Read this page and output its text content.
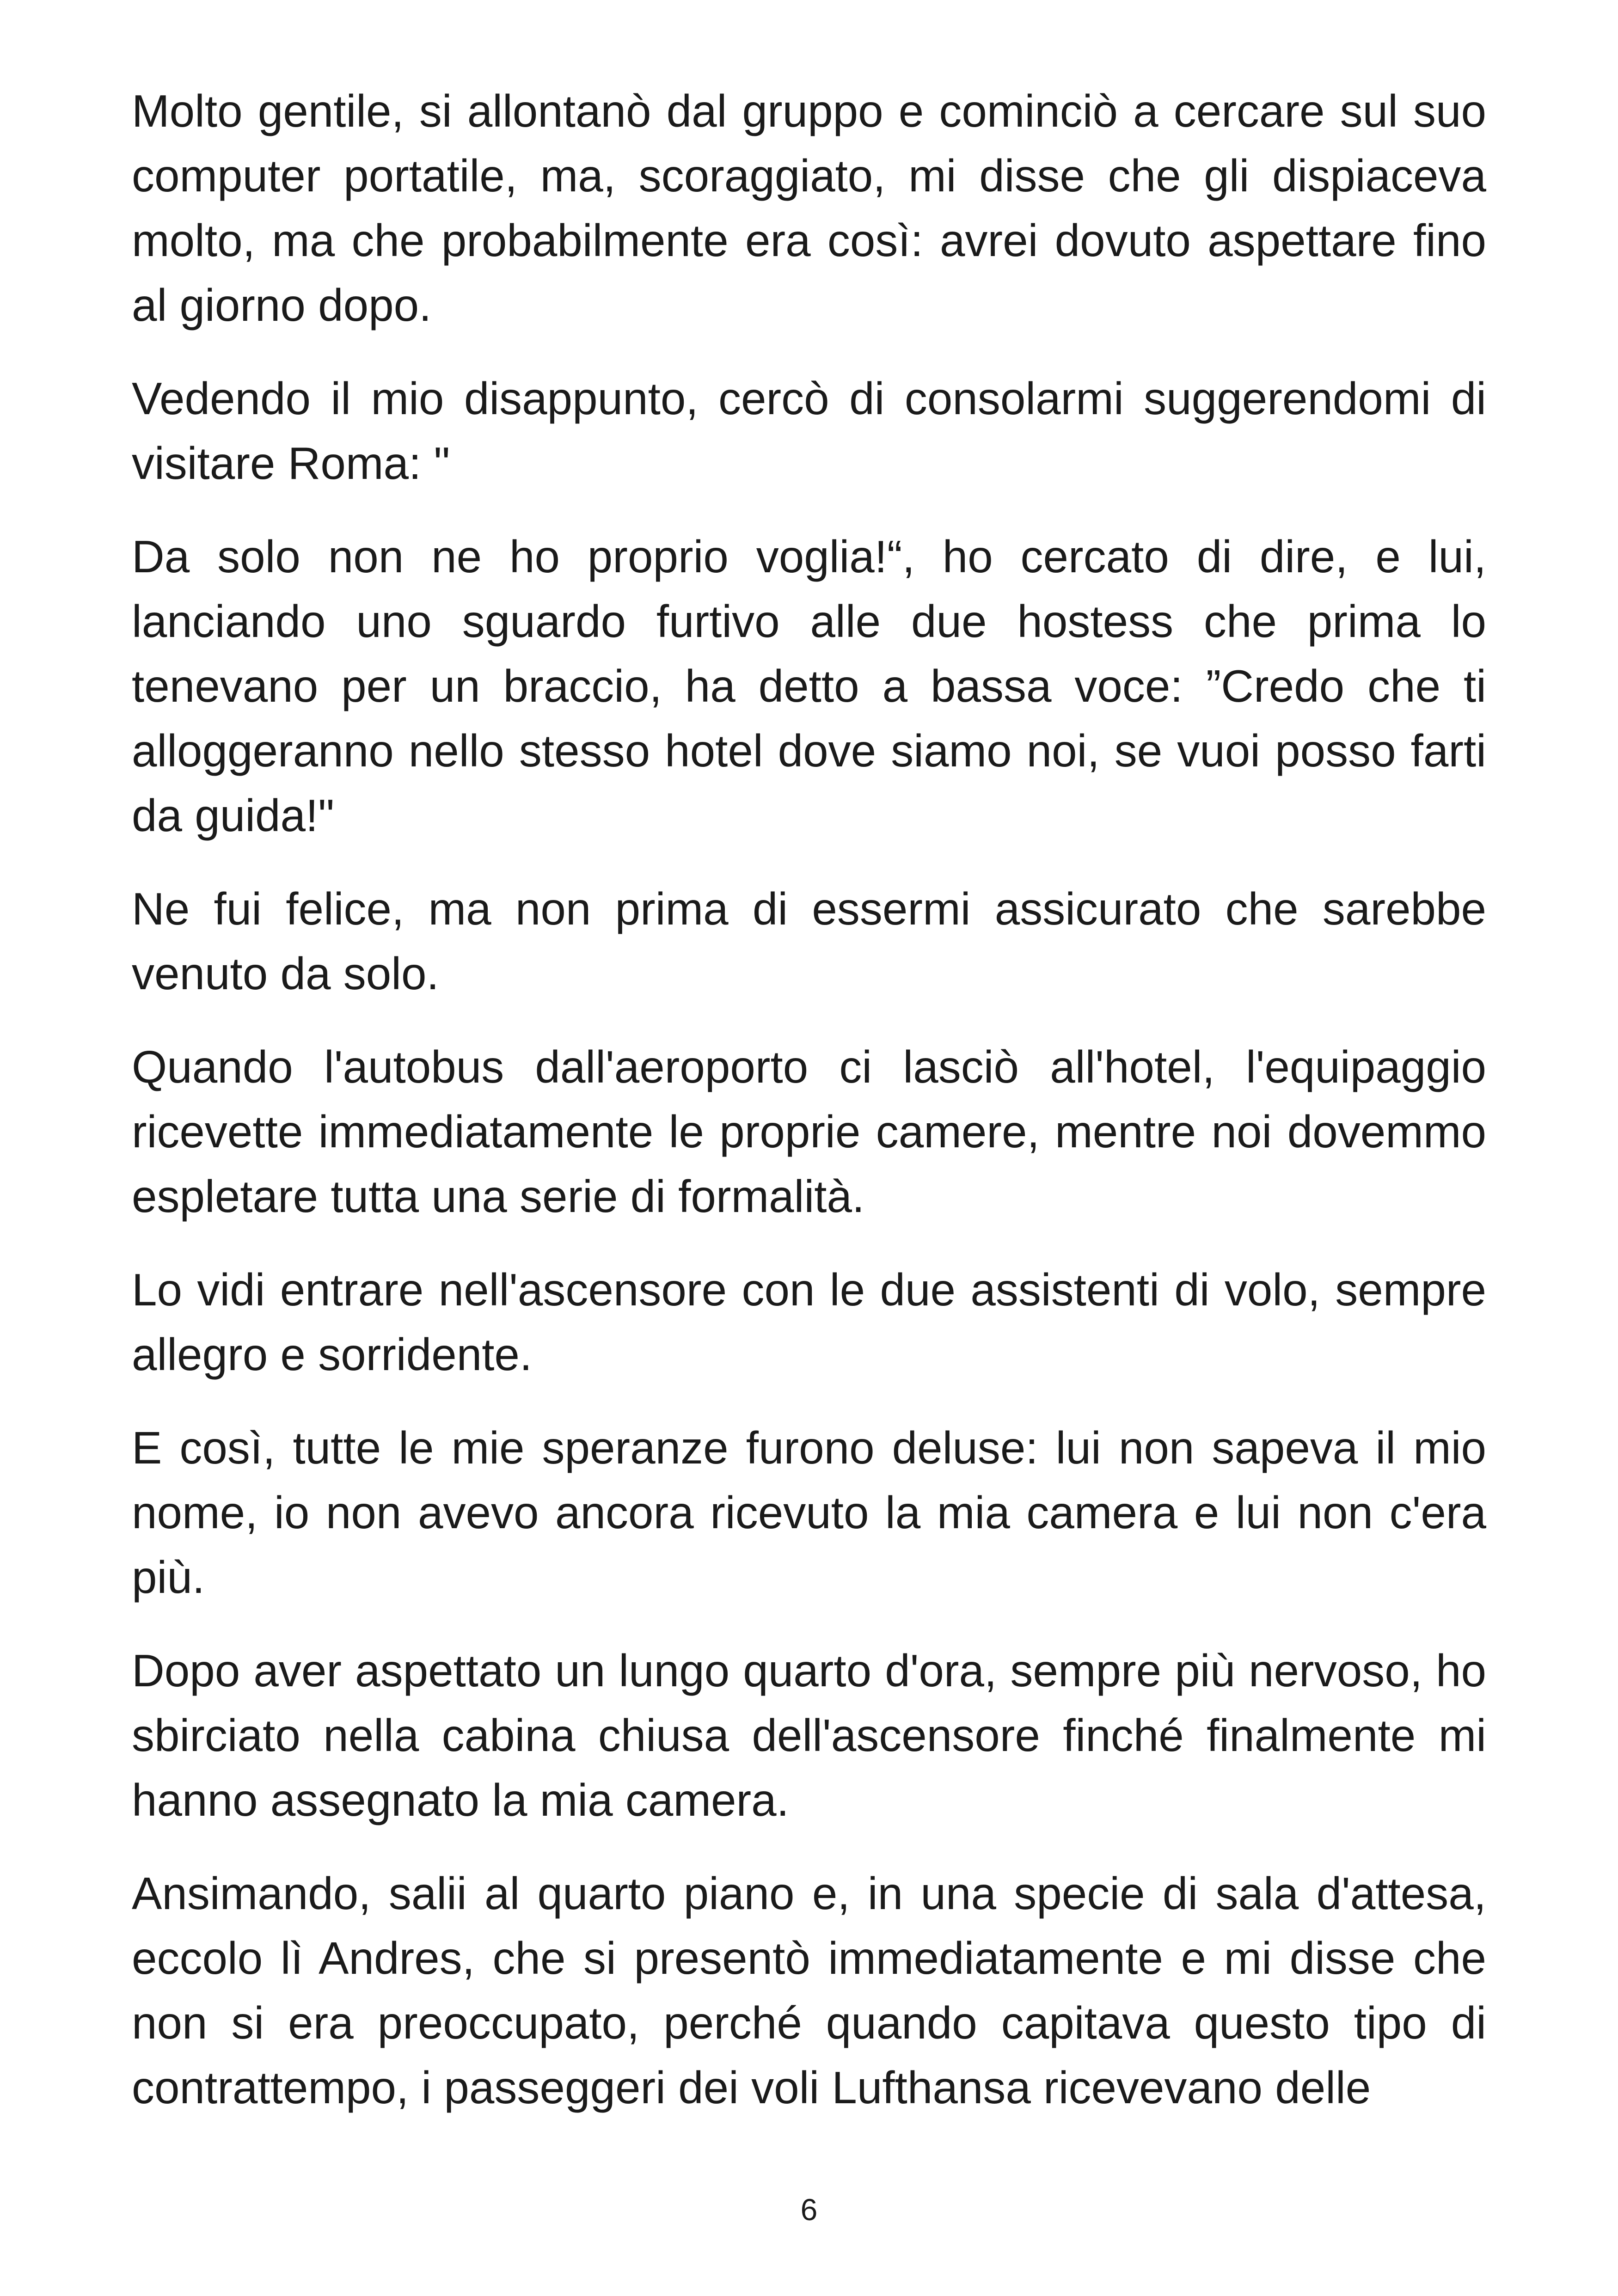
Molto gentile, si allontanò dal gruppo e cominciò a cercare sul suo computer portatile, ma, scoraggiato, mi disse che gli dispiaceva molto, ma che probabilmente era così: avrei dovuto aspettare fino al giorno dopo.

Vedendo il mio disappunto, cercò di consolarmi suggerendomi di visitare Roma: "

Da solo non ne ho proprio voglia!“, ho cercato di dire, e lui, lanciando uno sguardo furtivo alle due hostess che prima lo tenevano per un braccio, ha detto a bassa voce: ”Credo che ti alloggeranno nello stesso hotel dove siamo noi, se vuoi posso farti da guida!"

Ne fui felice, ma non prima di essermi assicurato che sarebbe venuto da solo.

Quando l'autobus dall'aeroporto ci lasciò all'hotel, l'equipaggio ricevette immediatamente le proprie camere, mentre noi dovemmo espletare tutta una serie di formalità.

Lo vidi entrare nell'ascensore con le due assistenti di volo, sempre allegro e sorridente.

E così, tutte le mie speranze furono deluse: lui non sapeva il mio nome, io non avevo ancora ricevuto la mia camera e lui non c'era più.

Dopo aver aspettato un lungo quarto d'ora, sempre più nervoso, ho sbirciato nella cabina chiusa dell'ascensore finché finalmente mi hanno assegnato la mia camera.

Ansimando, salii al quarto piano e, in una specie di sala d'attesa, eccolo lì Andres, che si presentò immediatamente e mi disse che non si era preoccupato, perché quando capitava questo tipo di contrattempo, i passeggeri dei voli Lufthansa ricevevano delle

6
